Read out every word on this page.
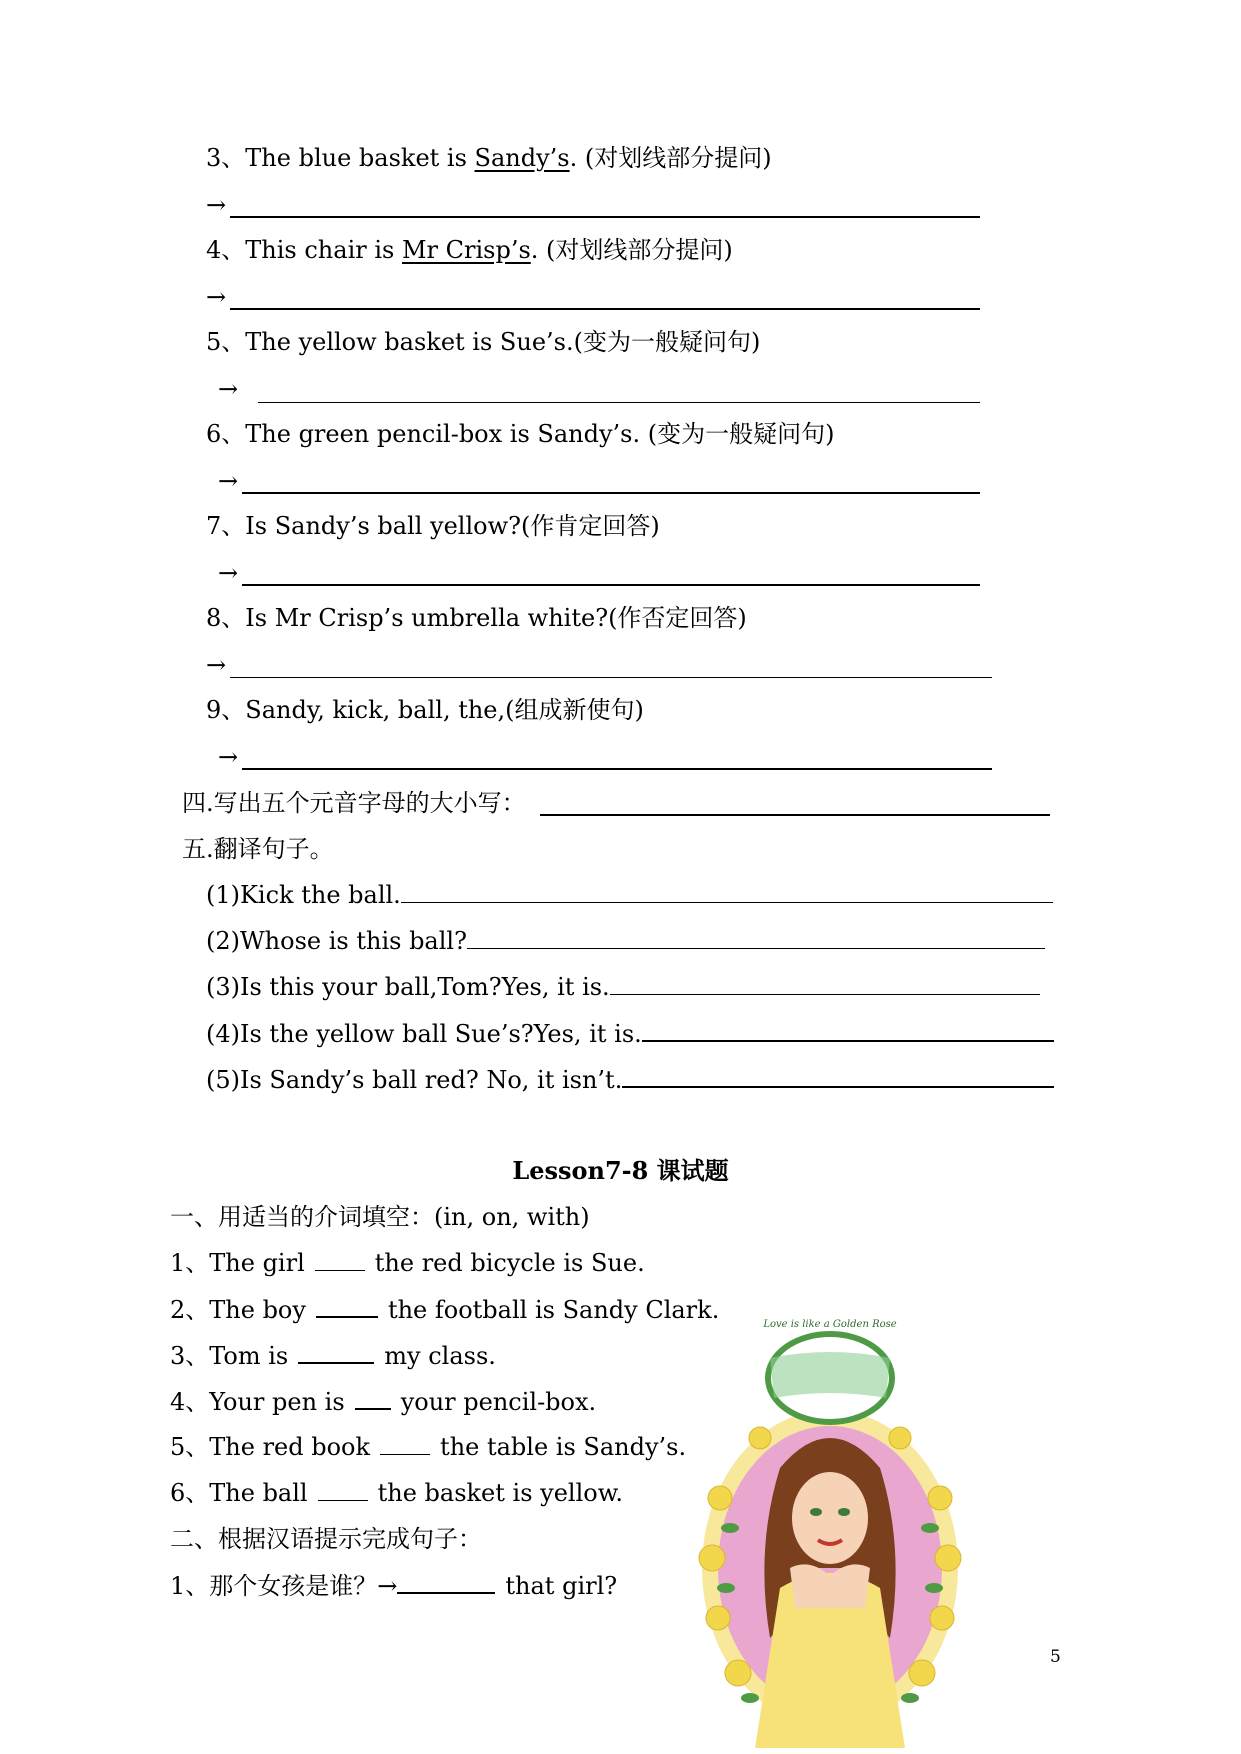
3、The blue basket is Sandy’s. (对划线部分提问)
→
4、This chair is Mr Crisp’s. (对划线部分提问)
→
5、The yellow basket is Sue’s.(变为一般疑问句)
→
6、The green pencil-box is Sandy’s. (变为一般疑问句)
→
7、Is Sandy’s ball yellow?(作肯定回答)
→
8、Is Mr Crisp’s umbrella white?(作否定回答)
→
9、Sandy, kick, ball, the,(组成新使句)
→
四.写出五个元音字母的大小写：
五.翻译句子。
(1)Kick the ball.
(2)Whose is this ball?
(3)Is this your ball,Tom?Yes, it is.
(4)Is the yellow ball Sue’s?Yes, it is.
(5)Is Sandy’s ball red? No, it isn’t.
Lesson7-8 课试题
一、用适当的介词填空：(in, on, with)
1、The girl	the red bicycle is Sue.
2、The boy	the football is Sandy Clark.
3、Tom is	my class.
4、Your pen is your pencil-box.
5、The red book	the table is Sandy’s.
6、The ball	the basket is yellow.
二、根据汉语提示完成句子：
1、那个女孩是谁？→	that girl?
Love is like a Golden Rose
5
